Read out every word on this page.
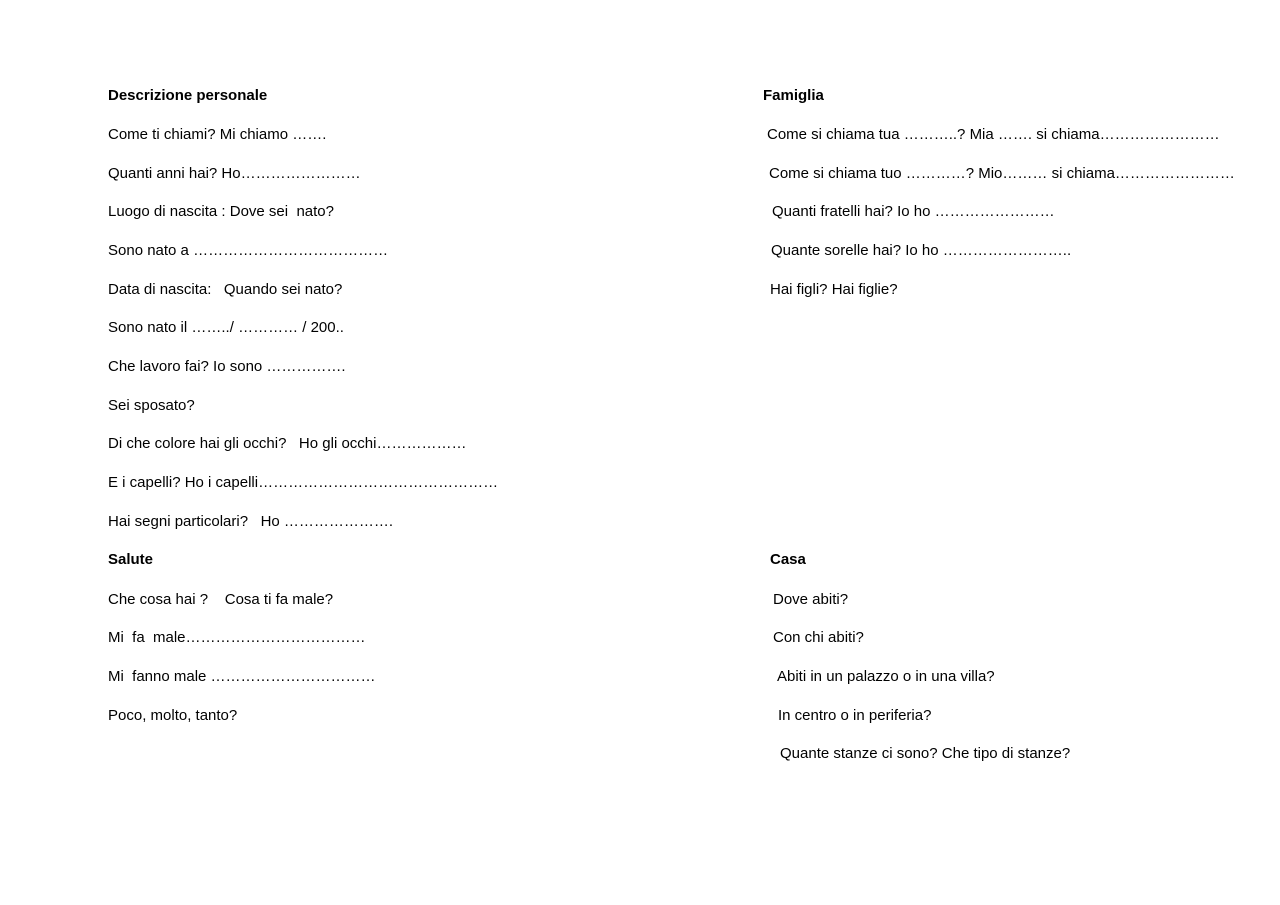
Descrizione personale

Come ti chiami? Mi chiamo …….

Quanti anni hai? Ho……………………

Luogo di nascita : Dove sei  nato?

Sono nato a …………………………………

Data di nascita:   Quando sei nato?

Sono nato il ……../ ………… / 200..

Che lavoro fai? Io sono …………….

Sei sposato?

Di che colore hai gli occhi?   Ho gli occhi………………

E i capelli? Ho i capelli…………………………………………

Hai segni particolari?   Ho ………………….

Famiglia

Come si chiama tua ………..? Mia ……. si chiama……………………

Come si chiama tuo …………? Mio……… si chiama……………………

Quanti fratelli hai? Io ho ……………………

Quante sorelle hai? Io ho ……………………..

Hai figli? Hai figlie?

Salute

Che cosa hai ?    Cosa ti fa male?

Mi  fa  male………………………………

Mi  fanno male ……………………………

Poco, molto, tanto?

Casa

Dove abiti?

Con chi abiti?

Abiti in un palazzo o in una villa?

In centro o in periferia?

Quante stanze ci sono? Che tipo di stanze?
